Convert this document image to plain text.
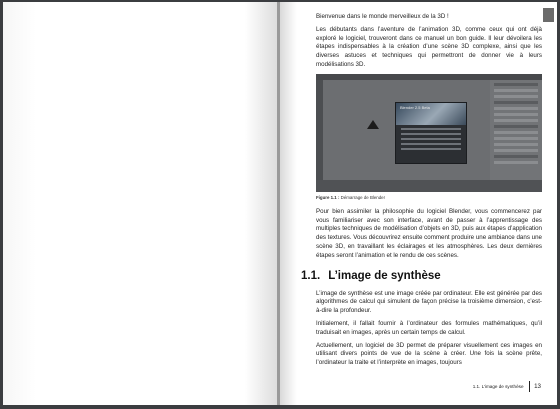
Bienvenue dans le monde merveilleux de la 3D !

Les débutants dans l’aventure de l’animation 3D, comme ceux qui ont déjà exploré le logiciel, trouveront dans ce manuel un bon guide. Il leur dévoilera les étapes indispensables à la création d’une scène 3D complexe, ainsi que les diverses astuces et techniques qui permettront de donner vie à leurs modélisations 3D.

Blender 2.5 Beta
Figure 1.1 : Démarrage de Blender

Pour bien assimiler la philosophie du logiciel Blender, vous commencerez par vous familiariser avec son interface, avant de passer à l’apprentissage des multiples techniques de modélisation d’objets en 3D, puis aux étapes d’application des textures. Vous découvrirez ensuite comment produire une ambiance dans une scène 3D, en travaillant les éclairages et les atmosphères. Les deux dernières étapes seront l’animation et le rendu de ces scènes.

1.1. L’image de synthèse

L’image de synthèse est une image créée par ordinateur. Elle est générée par des algorithmes de calcul qui simulent de façon précise la troisième dimension, c’est-à-dire la profondeur.

Initialement, il fallait fournir à l’ordinateur des formules mathématiques, qu’il traduisait en images, après un certain temps de calcul.

Actuellement, un logiciel de 3D permet de préparer visuellement ces images en utilisant divers points de vue de la scène à créer. Une fois la scène prête, l’ordinateur la traite et l’interprète en images, toujours

1.1. L’image de synthèse 13
